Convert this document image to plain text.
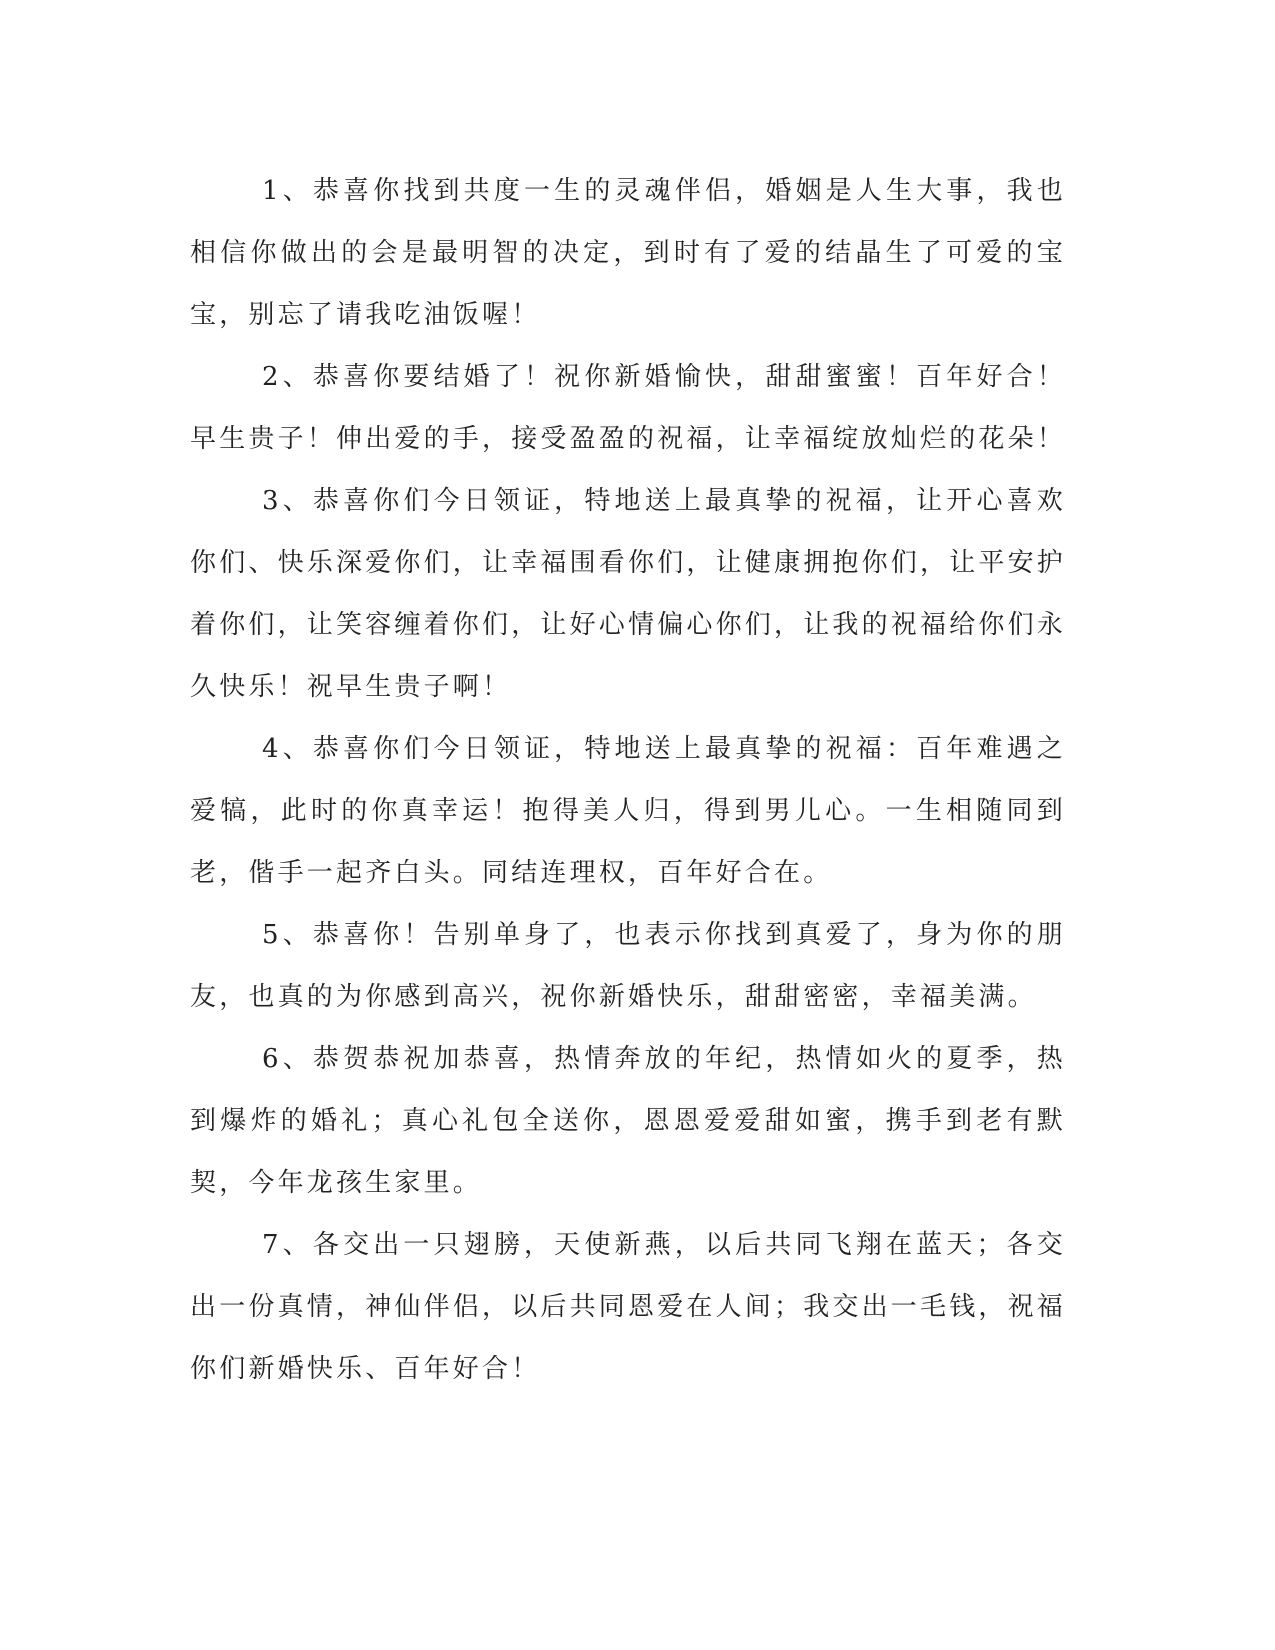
1、恭喜你找到共度一生的灵魂伴侣，婚姻是人生大事，我也相信你做出的会是最明智的决定，到时有了爱的结晶生了可爱的宝宝，别忘了请我吃油饭喔！

2、恭喜你要结婚了！祝你新婚愉快，甜甜蜜蜜！百年好合！早生贵子！伸出爱的手，接受盈盈的祝福，让幸福绽放灿烂的花朵！

3、恭喜你们今日领证，特地送上最真挚的祝福，让开心喜欢你们、快乐深爱你们，让幸福围看你们，让健康拥抱你们，让平安护着你们，让笑容缠着你们，让好心情偏心你们，让我的祝福给你们永久快乐！祝早生贵子啊！

4、恭喜你们今日领证，特地送上最真挚的祝福：百年难遇之爱犒，此时的你真幸运！抱得美人归，得到男儿心。一生相随同到老，偕手一起齐白头。同结连理权，百年好合在。

5、恭喜你！告别单身了，也表示你找到真爱了，身为你的朋友，也真的为你感到高兴，祝你新婚快乐，甜甜密密，幸福美满。

6、恭贺恭祝加恭喜，热情奔放的年纪，热情如火的夏季，热到爆炸的婚礼；真心礼包全送你，恩恩爱爱甜如蜜，携手到老有默契，今年龙孩生家里。

7、各交出一只翅膀，天使新燕，以后共同飞翔在蓝天；各交出一份真情，神仙伴侣，以后共同恩爱在人间；我交出一毛钱，祝福你们新婚快乐、百年好合！
